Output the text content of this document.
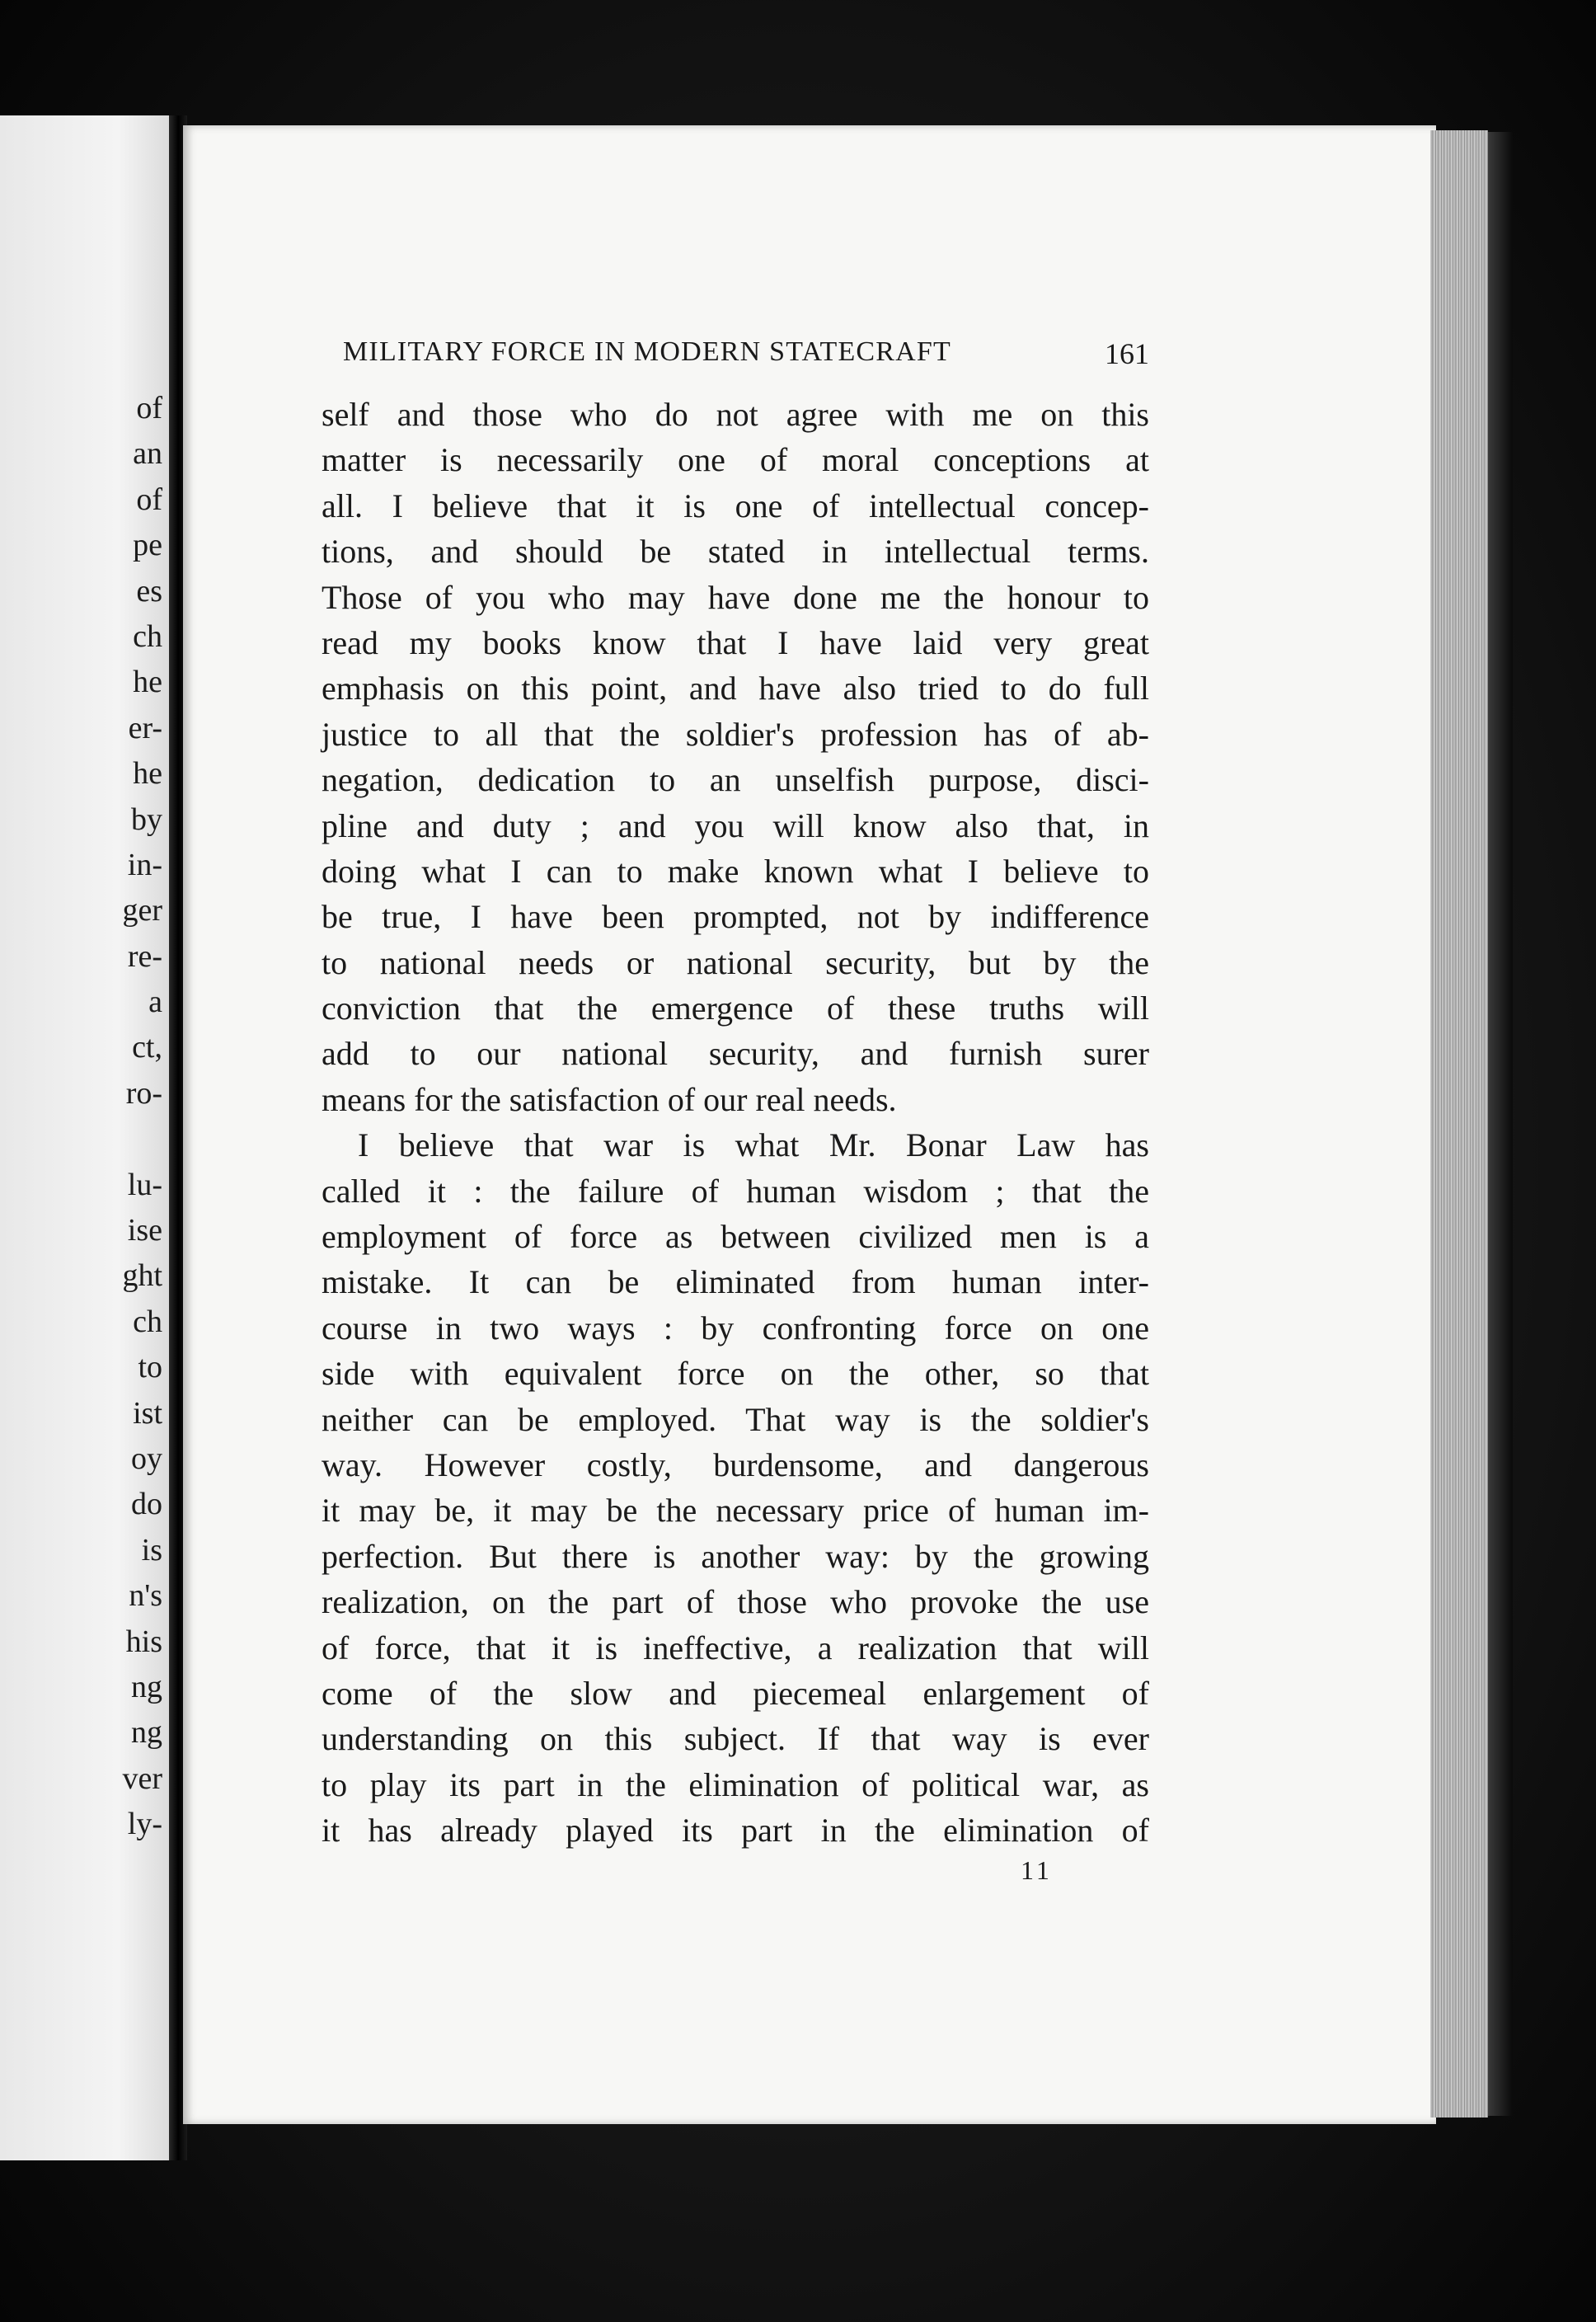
of
an
of
pe
es
ch
he
er-
he
by
in-
ger
re-
a
ct,
ro-
lu-
ise
ght
ch
to
ist
oy
do
is
n's
his
ng
ng
ver
ly-
MILITARY FORCE IN MODERN STATECRAFT	161
self and those who do not agree with me on this
matter is necessarily one of moral conceptions at
all. I believe that it is one of intellectual concep-
tions, and should be stated in intellectual terms.
Those of you who may have done me the honour to
read my books know that I have laid very great
emphasis on this point, and have also tried to do full
justice to all that the soldier's profession has of ab-
negation, dedication to an unselfish purpose, disci-
pline and duty ; and you will know also that, in
doing what I can to make known what I believe to
be true, I have been prompted, not by indifference
to national needs or national security, but by the
conviction that the emergence of these truths will
add to our national security, and furnish surer
means for the satisfaction of our real needs.
I believe that war is what Mr. Bonar Law has
called it : the failure of human wisdom ; that the
employment of force as between civilized men is a
mistake. It can be eliminated from human inter-
course in two ways : by confronting force on one
side with equivalent force on the other, so that
neither can be employed. That way is the soldier's
way. However costly, burdensome, and dangerous
it may be, it may be the necessary price of human im-
perfection. But there is another way: by the growing
realization, on the part of those who provoke the use
of force, that it is ineffective, a realization that will
come of the slow and piecemeal enlargement of
understanding on this subject. If that way is ever
to play its part in the elimination of political war, as
it has already played its part in the elimination of
11
